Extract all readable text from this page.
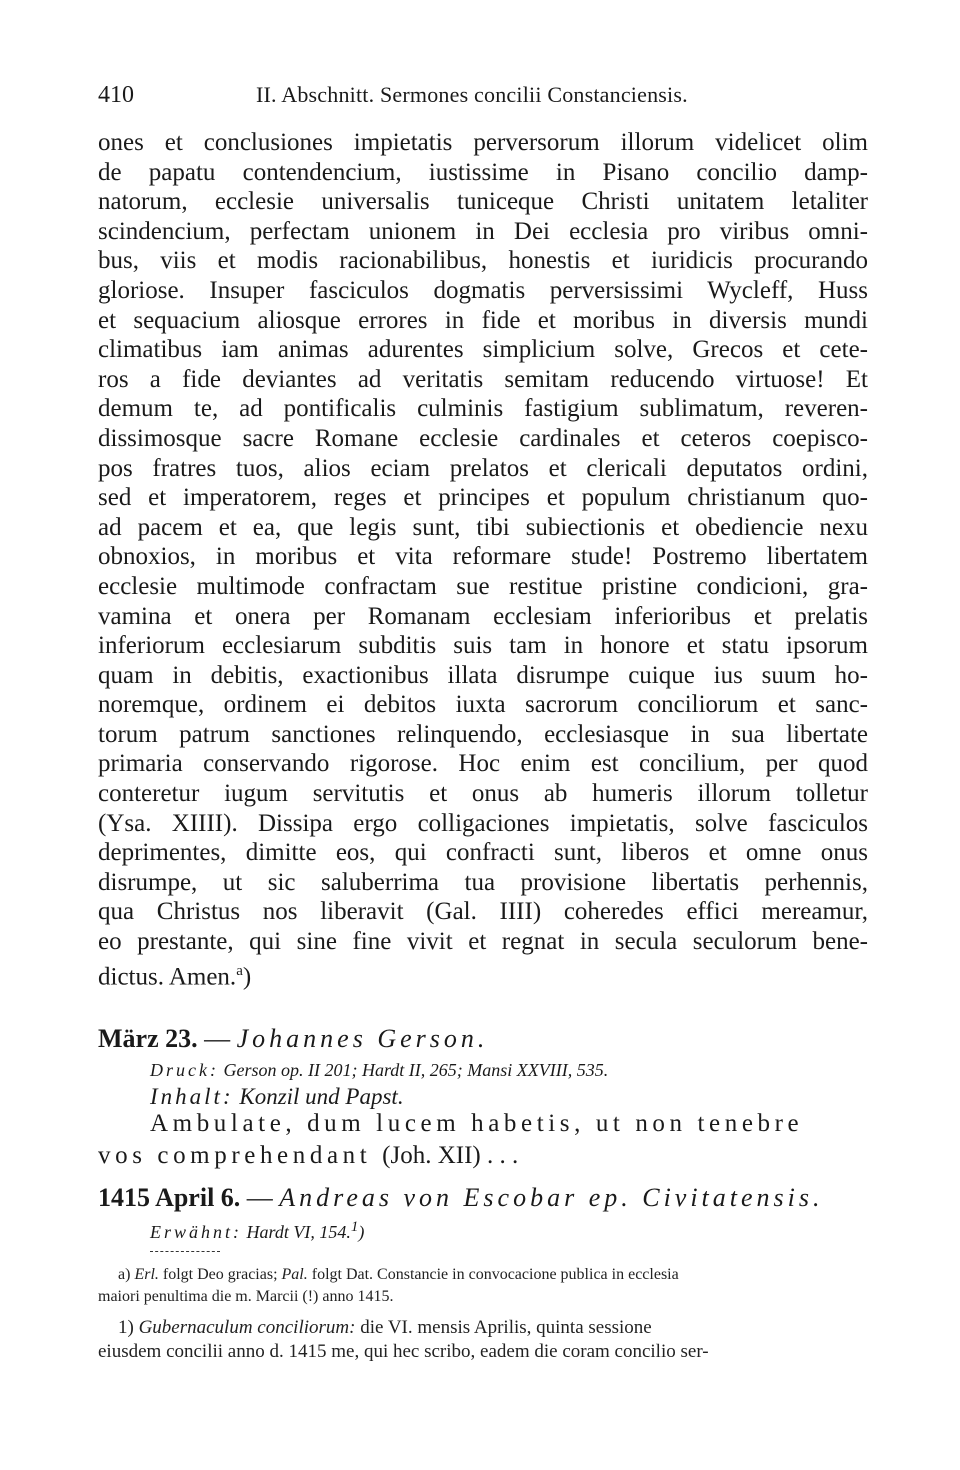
410	II. Abschnitt. Sermones concilii Constanciensis.
ones et conclusiones impietatis perversorum illorum videlicet olim
de papatu contendencium, iustissime in Pisano concilio damp-
natorum, ecclesie universalis tuniceque Christi unitatem letaliter
scindencium, perfectam unionem in Dei ecclesia pro viribus omni-
bus, viis et modis racionabilibus, honestis et iuridicis procurando
gloriose. Insuper fasciculos dogmatis perversissimi Wycleff, Huss
et sequacium aliosque errores in fide et moribus in diversis mundi
climatibus iam animas adurentes simplicium solve, Grecos et cete-
ros a fide deviantes ad veritatis semitam reducendo virtuose! Et
demum te, ad pontificalis culminis fastigium sublimatum, reveren-
dissimosque sacre Romane ecclesie cardinales et ceteros coepisco-
pos fratres tuos, alios eciam prelatos et clericali deputatos ordini,
sed et imperatorem, reges et principes et populum christianum quo-
ad pacem et ea, que legis sunt, tibi subiectionis et obediencie nexu
obnoxios, in moribus et vita reformare stude! Postremo libertatem
ecclesie multimode confractam sue restitue pristine condicioni, gra-
vamina et onera per Romanam ecclesiam inferioribus et prelatis
inferiorum ecclesiarum subditis suis tam in honore et statu ipsorum
quam in debitis, exactionibus illata disrumpe cuique ius suum ho-
noremque, ordinem ei debitos iuxta sacrorum conciliorum et sanc-
torum patrum sanctiones relinquendo, ecclesiasque in sua libertate
primaria conservando rigorose. Hoc enim est concilium, per quod
conteretur iugum servitutis et onus ab humeris illorum tolletur
(Ysa. XIIII). Dissipa ergo colligaciones impietatis, solve fasciculos
deprimentes, dimitte eos, qui confracti sunt, liberos et omne onus
disrumpe, ut sic saluberrima tua provisione libertatis perhennis,
qua Christus nos liberavit (Gal. IIII) coheredes effici mereamur,
eo prestante, qui sine fine vivit et regnat in secula seculorum bene-
dictus. Amen.$^a$)
März 23. — Johannes Gerson.
Druck: Gerson op. II 201; Hardt II, 265; Mansi XXVIII, 535.
Inhalt: Konzil und Papst.
Ambulate, dum lucem habetis, ut non tenebre
vos comprehendant (Joh. XII) . . .
1415 April 6. — Andreas von Escobar ep. Civitatensis.
Erwähnt: Hardt VI, 154.$^1$)
a) Erl. folgt Deo gracias; Pal. folgt Dat. Constancie in convocacione publica in ecclesia
maiori penultima die m. Marcii (!) anno 1415.
1) Gubernaculum conciliorum: die VI. mensis Aprilis, quinta sessione
eiusdem concilii anno d. 1415 me, qui hec scribo, eadem die coram concilio ser-
